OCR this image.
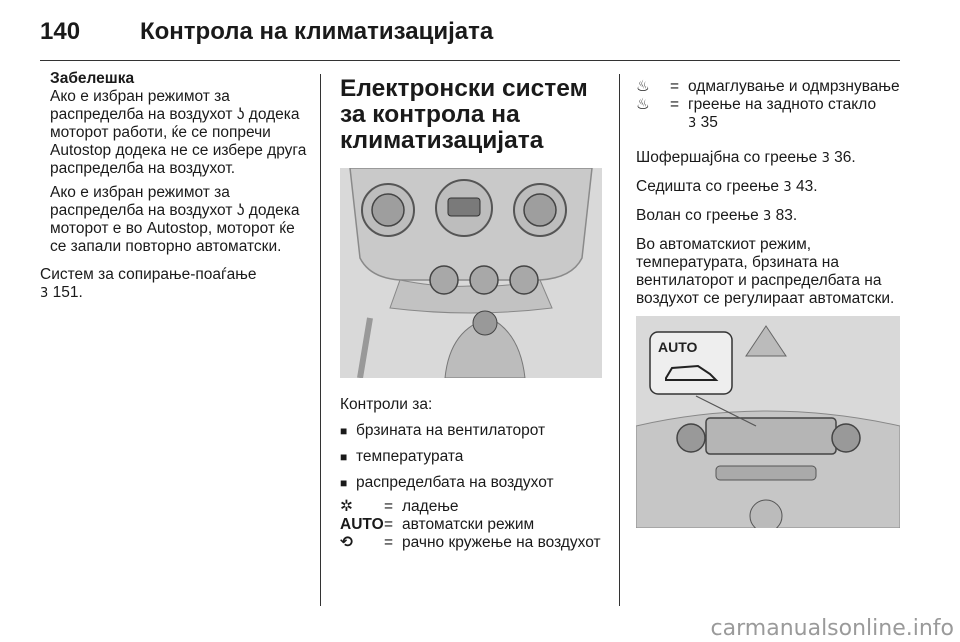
140 Контрола на климатизацијата
Забелешка
Ако е избран режимот за распределба на воздухот ʖ додека моторот работи, ќе се попречи Autostop додека не се избере друга распределба на воздухот.
Ако е избран режимот за распределба на воздухот ʖ додека моторот е во Autostop, моторот ќе се запали повторно автоматски.
Систем за сопирање-поаѓање
3 151.
Електронски систем за контрола на климатизацијата
Контроли за:
■ брзината на вентилаторот
■ температурата
■ распределбата на воздухот
✲	= ладење
AUTO = автоматски режим
⟲	= рачно кружење на воздухот
♨	= одмаглување и одмрзнување
♨	= греење на задното стакло
3 35
Шофершајбна со греење 3 36.
Седишта со греење 3 43.
Волан со греење 3 83.
Во автоматскиот режим, температурата, брзината на вентилаторот и распределбата на воздухот се регулираат автоматски.
AUTO
carmanualsonline.info
